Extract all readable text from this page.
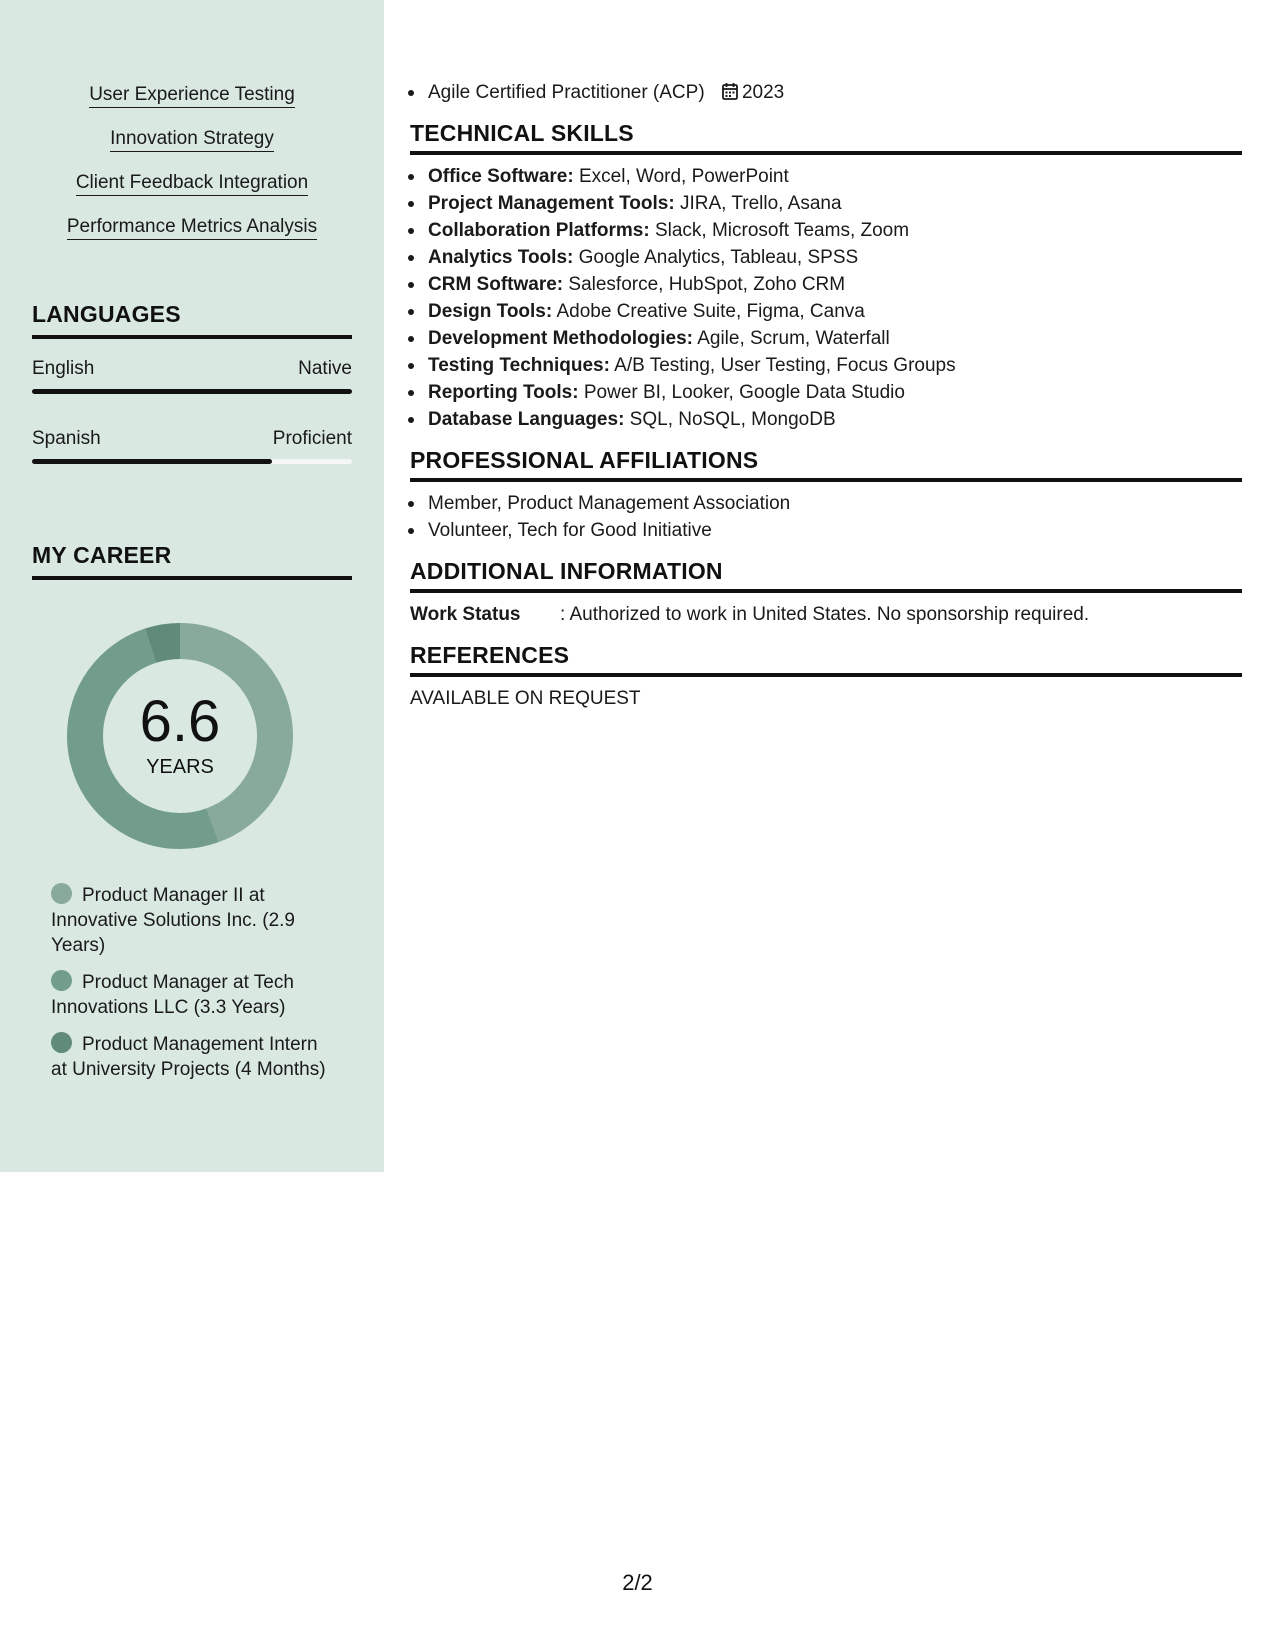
User Experience Testing
Innovation Strategy
Client Feedback Integration
Performance Metrics Analysis
LANGUAGES
English	Native
Spanish	Proficient
MY CAREER
6.6
YEARS
Product Manager II at Innovative Solutions Inc. (2.9 Years)
Product Manager at Tech Innovations LLC (3.3 Years)
Product Management Intern at University Projects (4 Months)
Agile Certified Practitioner (ACP) 2023
TECHNICAL SKILLS
Office Software: Excel, Word, PowerPoint
Project Management Tools: JIRA, Trello, Asana
Collaboration Platforms: Slack, Microsoft Teams, Zoom
Analytics Tools: Google Analytics, Tableau, SPSS
CRM Software: Salesforce, HubSpot, Zoho CRM
Design Tools: Adobe Creative Suite, Figma, Canva
Development Methodologies: Agile, Scrum, Waterfall
Testing Techniques: A/B Testing, User Testing, Focus Groups
Reporting Tools: Power BI, Looker, Google Data Studio
Database Languages: SQL, NoSQL, MongoDB
PROFESSIONAL AFFILIATIONS
Member, Product Management Association
Volunteer, Tech for Good Initiative
ADDITIONAL INFORMATION
Work Status : Authorized to work in United States. No sponsorship required.
REFERENCES
AVAILABLE ON REQUEST
2/2
